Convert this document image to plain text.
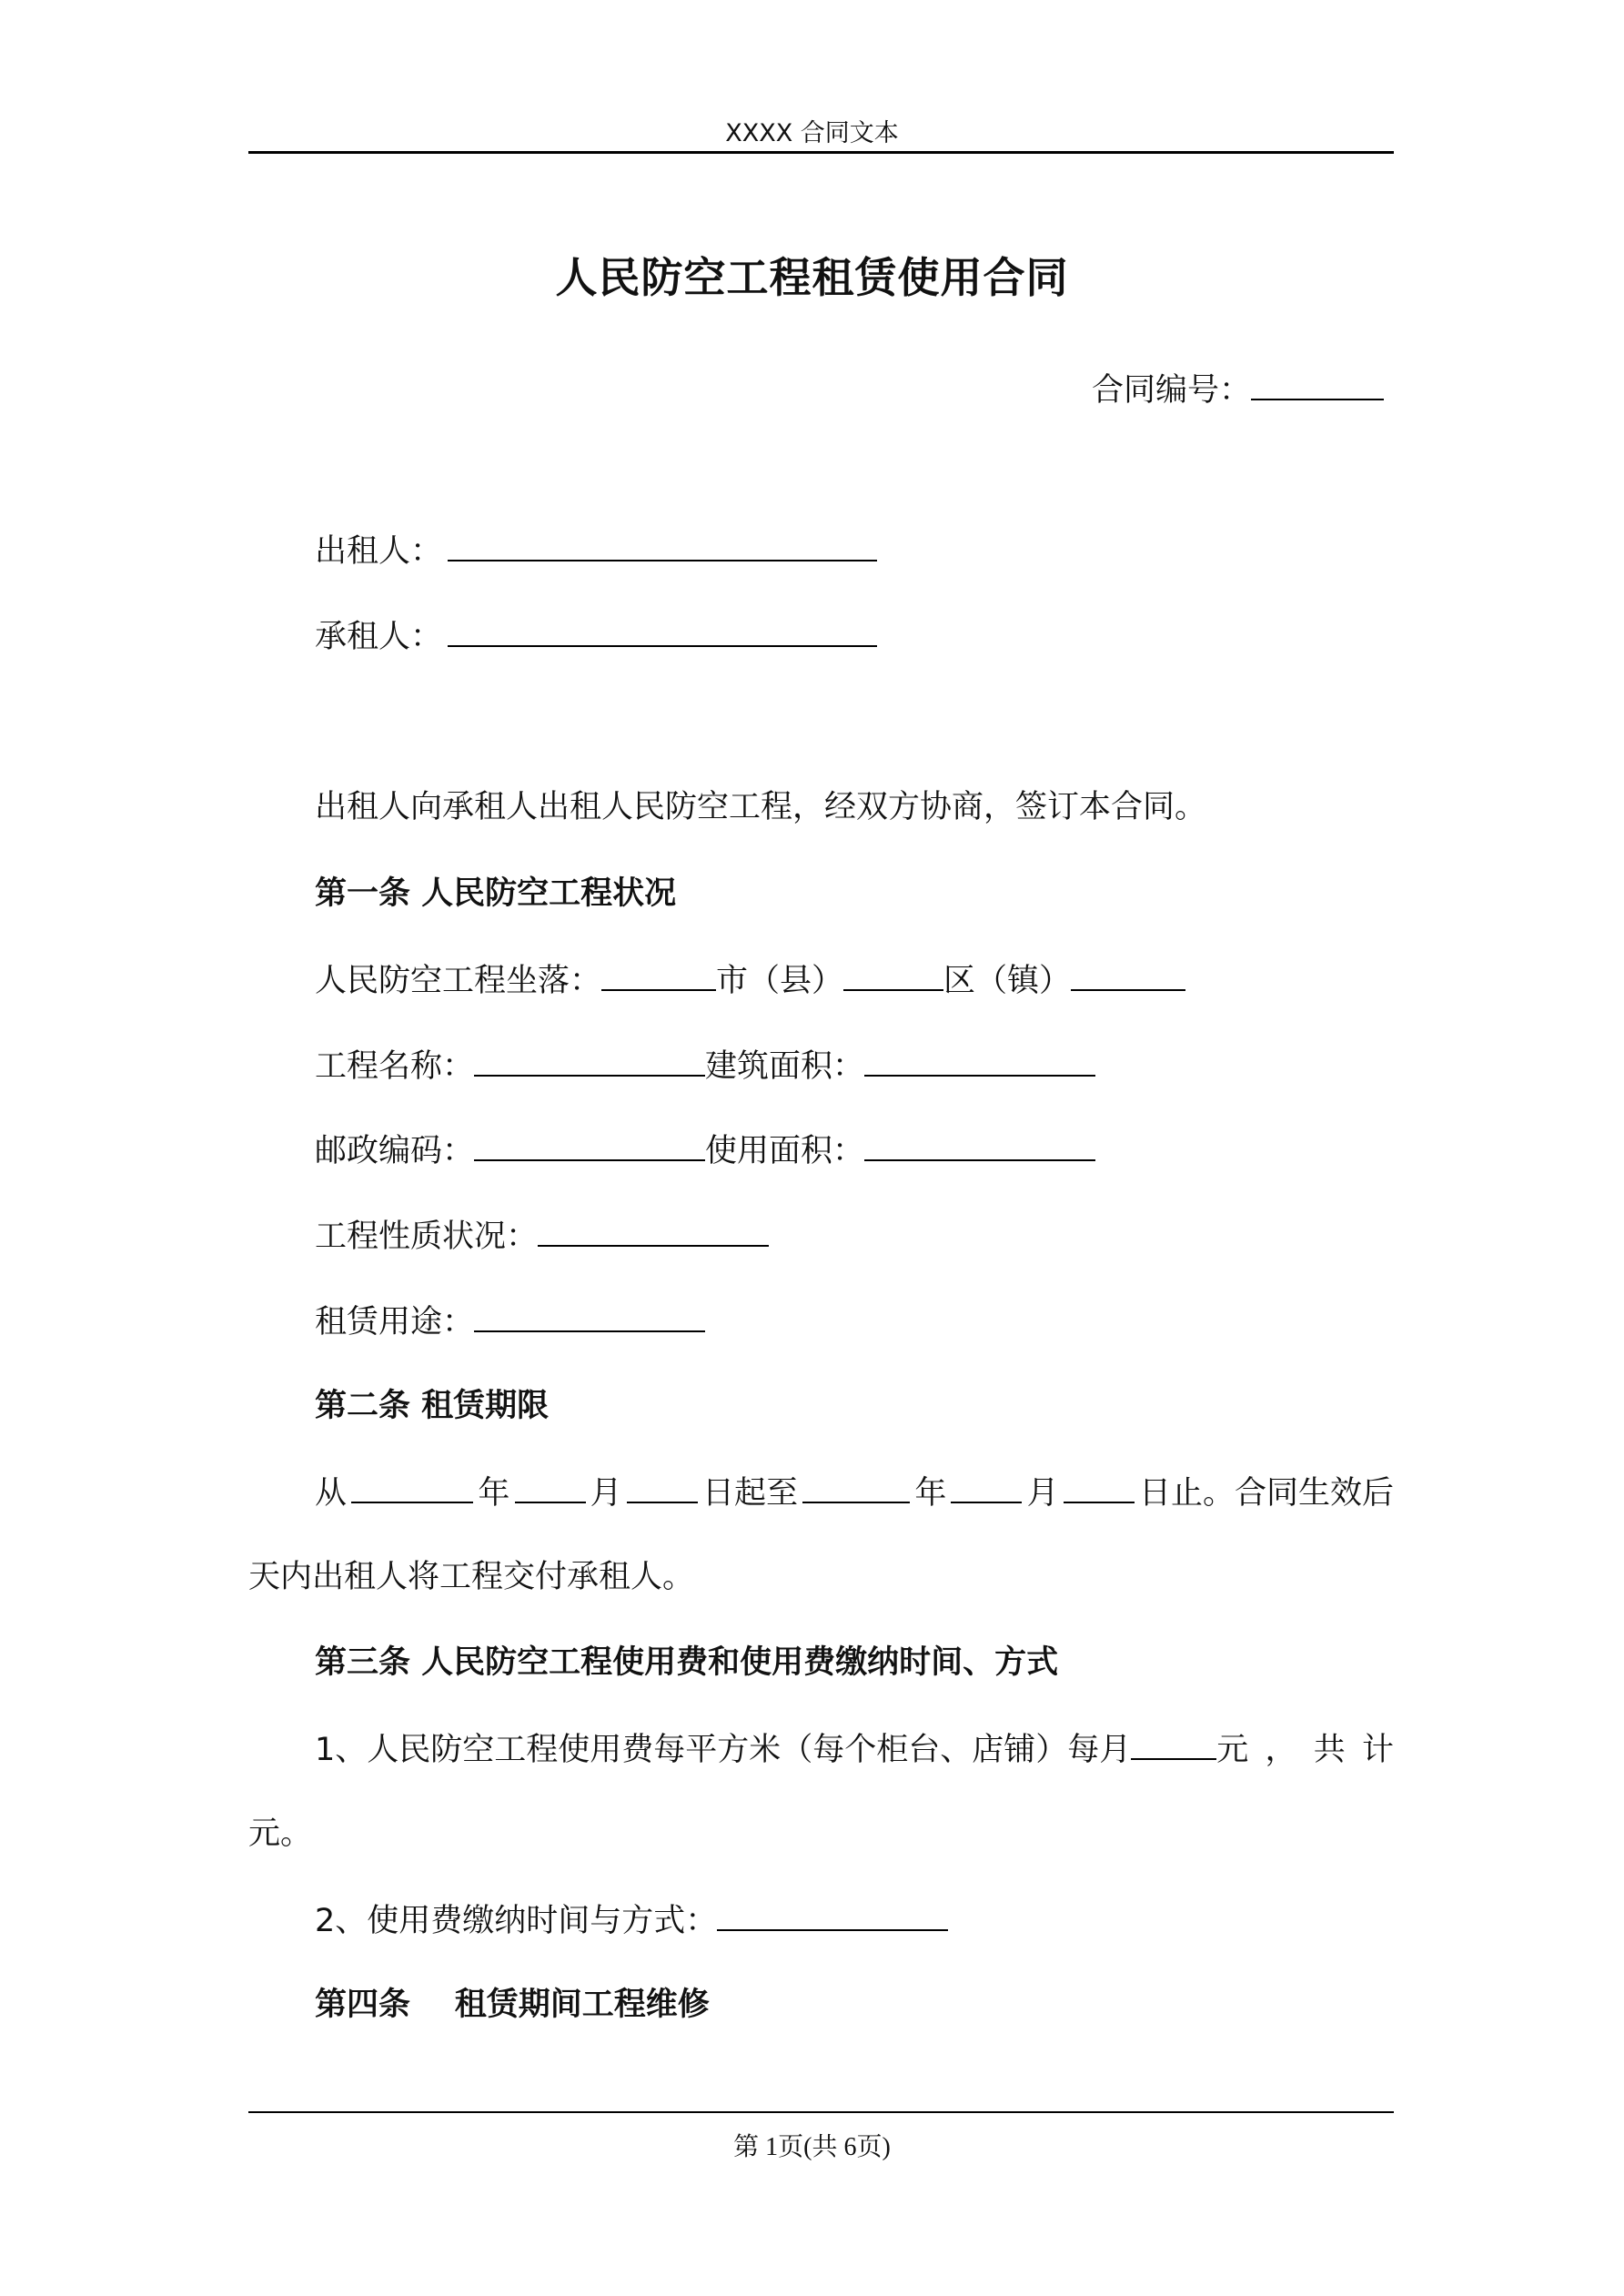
XXXX 合同文本
人民防空工程租赁使用合同
合同编号：
出租人：
承租人：
出租人向承租人出租人民防空工程，经双方协商，签订本合同。
第一条 人民防空工程状况
人民防空工程坐落：	市（县）	区（镇）
工程名称：	建筑面积：
邮政编码：	使用面积：
工程性质状况：
租赁用途：
第二条 租赁期限
从	年	月	日起至	年	月	日止。合同生效后
天内出租人将工程交付承租人。
第三条 人民防空工程使用费和使用费缴纳时间、方式
1、人民防空工程使用费每平方米（每个柜台、店铺）每月	元，共计
元。
2、使用费缴纳时间与方式：
第四条    租赁期间工程维修
第 1页(共 6页)
